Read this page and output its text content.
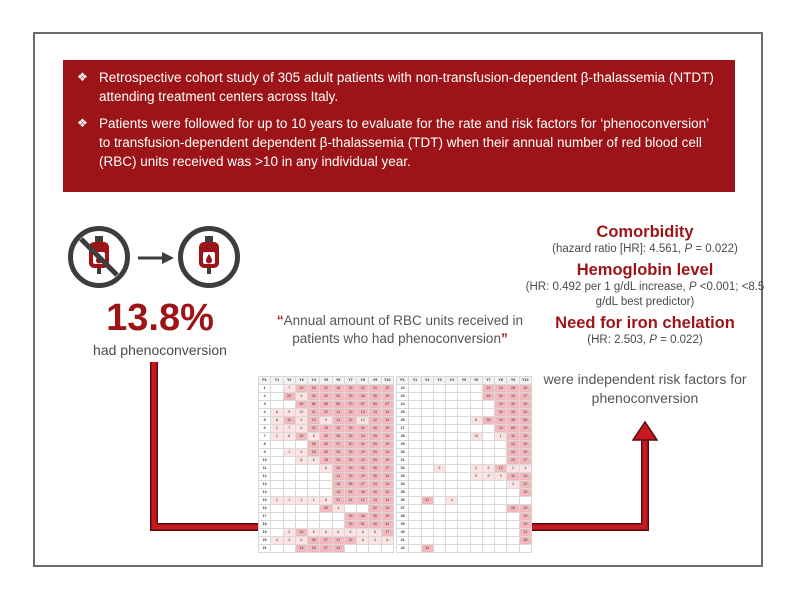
❖ Retrospective cohort study of 305 adult patients with non-transfusion-dependent β-thalassemia (NTDT) attending treatment centers across Italy.
❖ Patients were followed for up to 10 years to evaluate for the rate and risk factors for ‘phenoconversion’ to transfusion-dependent dependent β-thalassemia (TDT) when their annual number of red blood cell (RBC) units received was >10 in any individual year.
13.8%
had phenoconversion
“Annual amount of RBC units received in patients who had phenoconversion”
PL	Y1	Y2	Y3	Y4	Y5	Y6	Y7	Y8	Y9	Y10
1		7	23	23	21	18	22	22	21	22
2		23	9	24	34	32	33	26	30	29
3			35	66	65	69	70	57	59	57
4	6	9	10	11	12	11	12	13	13	13
5	8	11	5	12	9	11	12	10	12	13
6	2	7	6	22	16	12	29	30	16	19
7	2	6	15	8	25	26	32	24	25	24
8				28	26	27	30	30	29	29
9		1	5	18	26	25	29	29	29	24
10			8	6	18	23	23	23	29	29
11					6	24	19	31	26	27
12						11	29	29	30	34
13						18	58	27	24	24
14						15	44	46	40	32
15	1	1	1	1	8	21	11	12	13	14
16					26	4			22	24
17							15	26	30	29
18							29	51	40	41
19		2	13	6	6	6	6	6	6	17
20	4	4	6	26	27	17	12	6	4	6
21			14	16	27	13				
PL	Y1	Y2	Y3	Y4	Y5	Y6	Y7	Y8	Y9	Y10
22							21	24	28	26
23							16	30	44	37
24								29	40	40
25								30	44	52
26						8	30	44	46	63
27								33	65	29
28						10		1	11	15
29									12	30
30									14	30
31									20	37
32			2			2	5	12	2	4
33						5	9	9	11	13
34									4	22
35										15
36		31		4						
37									16	25
38										19
39										19
40										21
41										28
42		33								
Comorbidity
(hazard ratio [HR]: 4.561, P = 0.022)
Hemoglobin level
(HR: 0.492 per 1 g/dL increase, P <0.001; <8.5 g/dL best predictor)
Need for iron chelation
(HR: 2.503, P = 0.022)
were independent risk factors for phenoconversion
